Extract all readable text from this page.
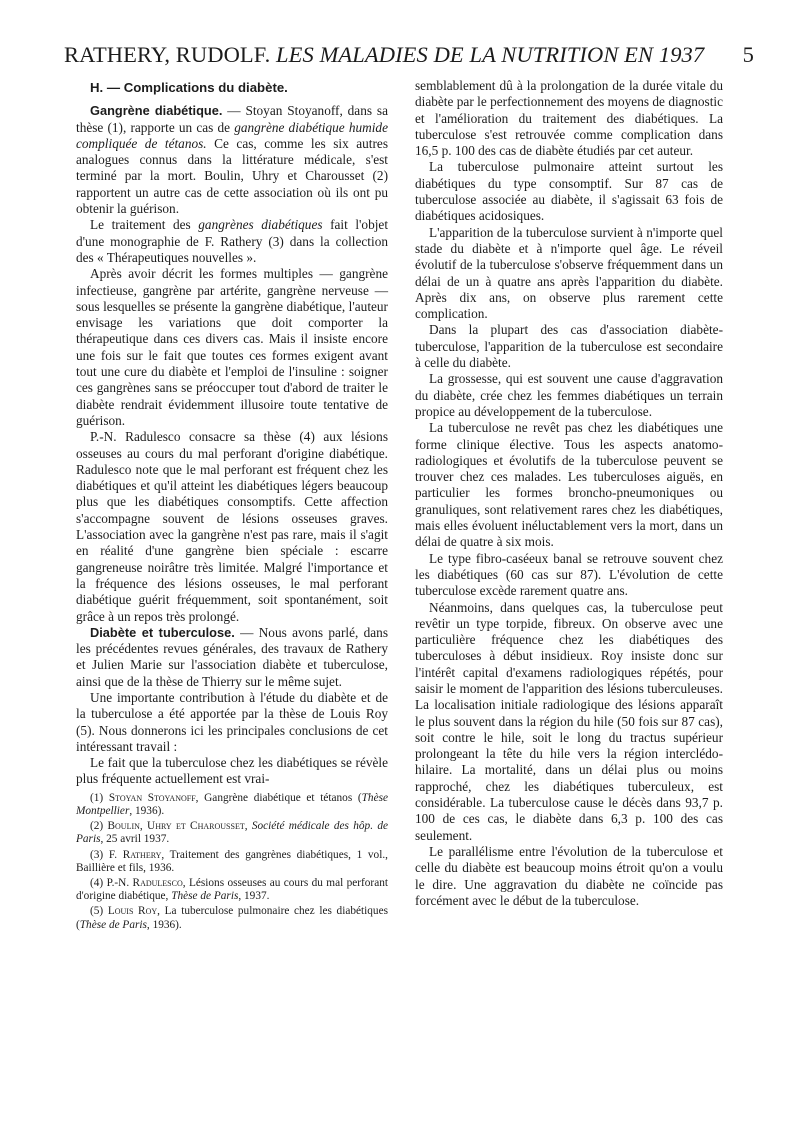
RATHERY, RUDOLF. LES MALADIES DE LA NUTRITION EN 1937 5

H. — Complications du diabète.

Gangrène diabétique. — Stoyan Stoyanoff, dans sa thèse (1), rapporte un cas de gangrène diabétique humide compliquée de tétanos. Ce cas, comme les six autres analogues connus dans la littérature médicale, s'est terminé par la mort. Boulin, Uhry et Charousset (2) rapportent un autre cas de cette association où ils ont pu obtenir la guérison.

Le traitement des gangrènes diabétiques fait l'objet d'une monographie de F. Rathery (3) dans la collection des « Thérapeutiques nouvelles ».

Après avoir décrit les formes multiples — gangrène infectieuse, gangrène par artérite, gangrène nerveuse — sous lesquelles se présente la gangrène diabétique, l'auteur envisage les variations que doit comporter la thérapeutique dans ces divers cas. Mais il insiste encore une fois sur le fait que toutes ces formes exigent avant tout une cure du diabète et l'emploi de l'insuline : soigner ces gangrènes sans se préoccuper tout d'abord de traiter le diabète rendrait évidemment illusoire toute tentative de guérison.

P.-N. Radulesco consacre sa thèse (4) aux lésions osseuses au cours du mal perforant d'origine diabétique. Radulesco note que le mal perforant est fréquent chez les diabétiques et qu'il atteint les diabétiques légers beaucoup plus que les diabétiques consomptifs. Cette affection s'accompagne souvent de lésions osseuses graves. L'association avec la gangrène n'est pas rare, mais il s'agit en réalité d'une gangrène bien spéciale : escarre gangreneuse noirâtre très limitée. Malgré l'importance et la fréquence des lésions osseuses, le mal perforant diabétique guérit fréquemment, soit spontanément, soit grâce à un repos très prolongé.

Diabète et tuberculose. — Nous avons parlé, dans les précédentes revues générales, des travaux de Rathery et Julien Marie sur l'association diabète et tuberculose, ainsi que de la thèse de Thierry sur le même sujet.

Une importante contribution à l'étude du diabète et de la tuberculose a été apportée par la thèse de Louis Roy (5). Nous donnerons ici les principales conclusions de cet intéressant travail :

Le fait que la tuberculose chez les diabétiques se révèle plus fréquente actuellement est vrai-

(1) Stoyan Stoyanoff, Gangrène diabétique et tétanos (Thèse Montpellier, 1936).

(2) Boulin, Uhry et Charousset, Société médicale des hôp. de Paris, 25 avril 1937.

(3) F. Rathery, Traitement des gangrènes diabétiques, 1 vol., Baillière et fils, 1936.

(4) P.-N. Radulesco, Lésions osseuses au cours du mal perforant d'origine diabétique, Thèse de Paris, 1937.

(5) Louis Roy, La tuberculose pulmonaire chez les diabétiques (Thèse de Paris, 1936).

semblablement dû à la prolongation de la durée vitale du diabète par le perfectionnement des moyens de diagnostic et l'amélioration du traitement des diabétiques. La tuberculose s'est retrouvée comme complication dans 16,5 p. 100 des cas de diabète étudiés par cet auteur.

La tuberculose pulmonaire atteint surtout les diabétiques du type consomptif. Sur 87 cas de tuberculose associée au diabète, il s'agissait 63 fois de diabétiques acidosiques.

L'apparition de la tuberculose survient à n'importe quel stade du diabète et à n'importe quel âge. Le réveil évolutif de la tuberculose s'observe fréquemment dans un délai de un à quatre ans après l'apparition du diabète. Après dix ans, on observe plus rarement cette complication.

Dans la plupart des cas d'association diabète-tuberculose, l'apparition de la tuberculose est secondaire à celle du diabète.

La grossesse, qui est souvent une cause d'aggravation du diabète, crée chez les femmes diabétiques un terrain propice au développement de la tuberculose.

La tuberculose ne revêt pas chez les diabétiques une forme clinique élective. Tous les aspects anatomo-radiologiques et évolutifs de la tuberculose peuvent se trouver chez ces malades. Les tuberculoses aiguës, en particulier les formes broncho-pneumoniques ou granuliques, sont relativement rares chez les diabétiques, mais elles évoluent inéluctablement vers la mort, dans un délai de quatre à six mois.

Le type fibro-caséeux banal se retrouve souvent chez les diabétiques (60 cas sur 87). L'évolution de cette tuberculose excède rarement quatre ans.

Néanmoins, dans quelques cas, la tuberculose peut revêtir un type torpide, fibreux. On observe avec une particulière fréquence chez les diabétiques des tuberculoses à début insidieux. Roy insiste donc sur l'intérêt capital d'examens radiologiques répétés, pour saisir le moment de l'apparition des lésions tuberculeuses. La localisation initiale radiologique des lésions apparaît le plus souvent dans la région du hile (50 fois sur 87 cas), soit contre le hile, soit le long du tractus supérieur prolongeant la tête du hile vers la région interclédo-hilaire. La mortalité, dans un délai plus ou moins rapproché, chez les diabétiques tuberculeux, est considérable. La tuberculose cause le décès dans 93,7 p. 100 de ces cas, le diabète dans 6,3 p. 100 des cas seulement.

Le parallélisme entre l'évolution de la tuberculose et celle du diabète est beaucoup moins étroit qu'on a voulu le dire. Une aggravation du diabète ne coïncide pas forcément avec le début de la tuberculose.
